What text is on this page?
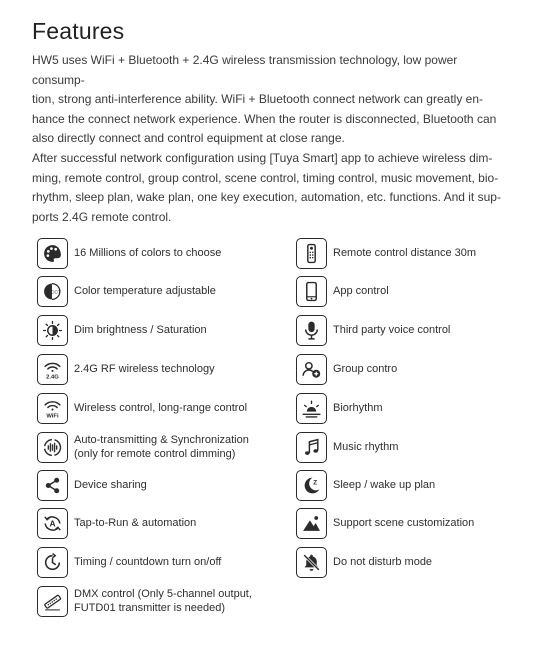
Features

HW5 uses WiFi + Bluetooth + 2.4G wireless transmission technology, low power consump-

tion, strong anti-interference ability. WiFi + Bluetooth connect network can greatly en-

hance the connect network experience. When the router is disconnected, Bluetooth can

also directly connect and control equipment at close range.

After successful network configuration using [Tuya Smart] app to achieve wireless dim-

ming, remote control, group control, scene control, timing control, music movement, bio-

rhythm, sleep plan, wake plan, one key execution, automation, etc. functions. And it sup-

ports 2.4G remote control.

16 Millions of colors to choose
CCT Color temperature adjustable
Dim brightness / Saturation
2.4G
2.4G RF wireless technology
WiFi
Wireless control, long-range control
Auto-transmitting & Synchronization
(only for remote control dimming)
Device sharing
A Tap-to-Run & automation
Timing / countdown turn on/off
DMX control (Only 5-channel output,
FUTD01 transmitter is needed)
Remote control distance 30m
App control
Third party voice control
Group contro
Biorhythm
Music rhythm
Z Sleep / wake up plan
Support scene customization
Do not disturb mode
